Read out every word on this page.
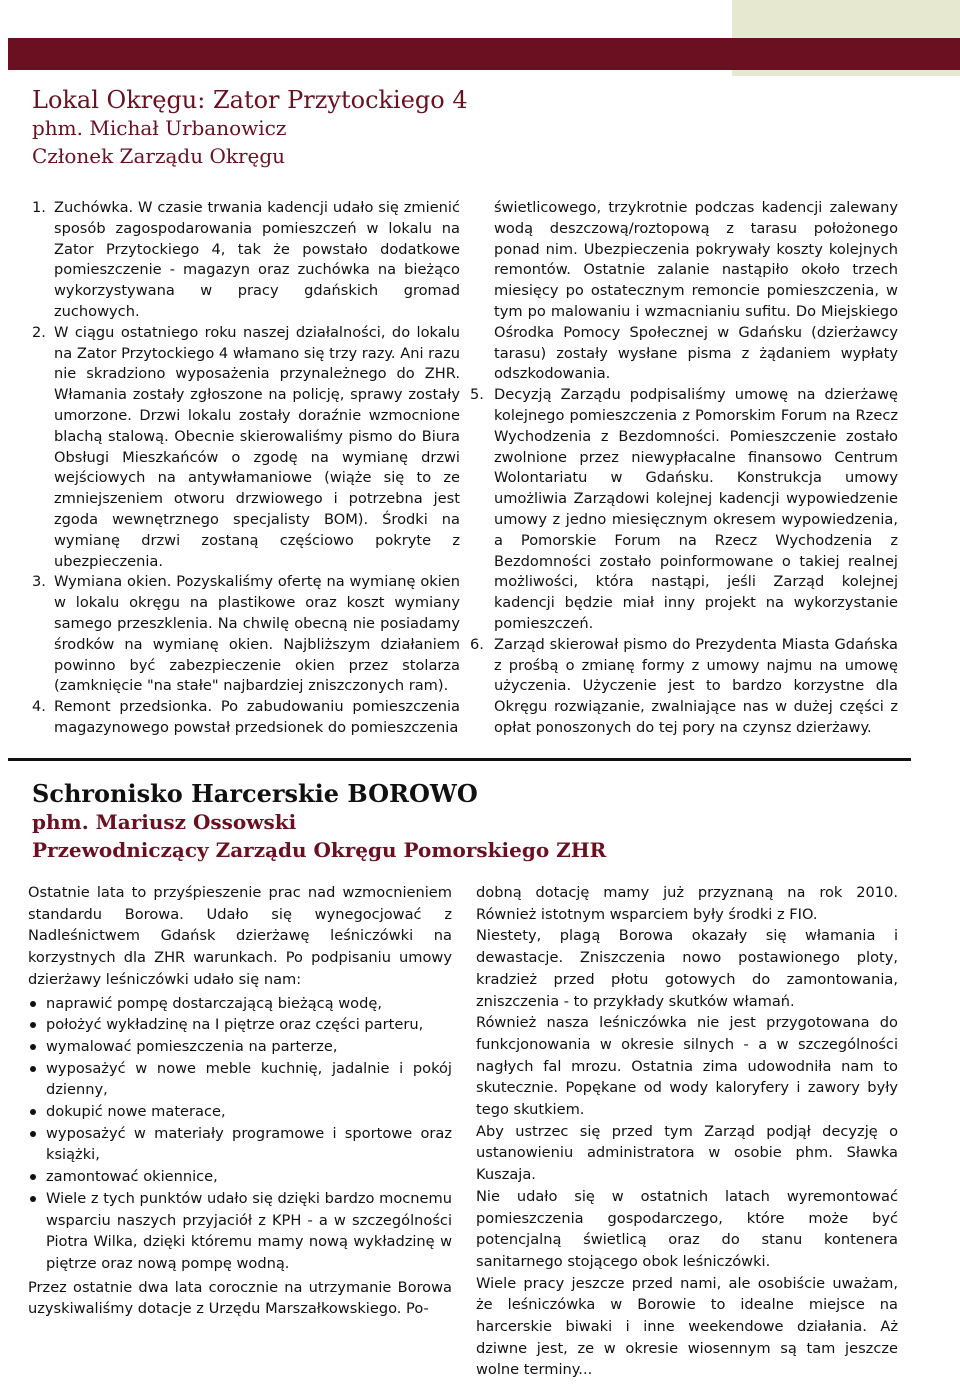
Str. 13
Lokal Okręgu: Zator Przytockiego 4
phm. Michał Urbanowicz
Członek Zarządu Okręgu
1. Zuchówka. W czasie trwania kadencji udało się zmienić sposób zagospodarowania pomieszczeń w lokalu na Zator Przytockiego 4, tak że powstało dodatkowe pomieszczenie - magazyn oraz zuchówka na bieżąco wykorzystywana w pracy gdańskich gromad zuchowych.

2. W ciągu ostatniego roku naszej działalności, do lokalu na Zator Przytockiego 4 włamano się trzy razy. Ani razu nie skradziono wyposażenia przynależnego do ZHR. Włamania zostały zgłoszone na policję, sprawy zostały umorzone. Drzwi lokalu zostały doraźnie wzmocnione blachą stalową. Obecnie skierowaliśmy pismo do Biura Obsługi Mieszkańców o zgodę na wymianę drzwi wejściowych na antywłamaniowe (wiąże się to ze zmniejszeniem otworu drzwiowego i potrzebna jest zgoda wewnętrznego specjalisty BOM). Środki na wymianę drzwi zostaną częściowo pokryte z ubezpieczenia.

3. Wymiana okien. Pozyskaliśmy ofertę na wymianę okien w lokalu okręgu na plastikowe oraz koszt wymiany samego przeszklenia. Na chwilę obecną nie posiadamy środków na wymianę okien. Najbliższym działaniem powinno być zabezpieczenie okien przez stolarza (zamknięcie "na stałe" najbardziej zniszczonych ram).

4. Remont przedsionka. Po zabudowaniu pomieszczenia magazynowego powstał przedsionek do pomieszczenia

świetlicowego, trzykrotnie podczas kadencji zalewany wodą deszczową/roztopową z tarasu położonego ponad nim. Ubezpieczenia pokrywały koszty kolejnych remontów. Ostatnie zalanie nastąpiło około trzech miesięcy po ostatecznym remoncie pomieszczenia, w tym po malowaniu i wzmacnianiu sufitu. Do Miejskiego Ośrodka Pomocy Społecznej w Gdańsku (dzierżawcy tarasu) zostały wysłane pisma z żądaniem wypłaty odszkodowania.

5. Decyzją Zarządu podpisaliśmy umowę na dzierżawę kolejnego pomieszczenia z Pomorskim Forum na Rzecz Wychodzenia z Bezdomności. Pomieszczenie zostało zwolnione przez niewypłacalne finansowo Centrum Wolontariatu w Gdańsku. Konstrukcja umowy umożliwia Zarządowi kolejnej kadencji wypowiedzenie umowy z jedno miesięcznym okresem wypowiedzenia, a Pomorskie Forum na Rzecz Wychodzenia z Bezdomności zostało poinformowane o takiej realnej możliwości, która nastąpi, jeśli Zarząd kolejnej kadencji będzie miał inny projekt na wykorzystanie pomieszczeń.

6. Zarząd skierował pismo do Prezydenta Miasta Gdańska z prośbą o zmianę formy z umowy najmu na umowę użyczenia. Użyczenie jest to bardzo korzystne dla Okręgu rozwiązanie, zwalniające nas w dużej części z opłat ponoszonych do tej pory na czynsz dzierżawy.

Schronisko Harcerskie BOROWO
phm. Mariusz Ossowski
Przewodniczący Zarządu Okręgu Pomorskiego ZHR

Ostatnie lata to przyśpieszenie prac nad wzmocnieniem standardu Borowa. Udało się wynegocjować z Nadleśnictwem Gdańsk dzierżawę leśniczówki na korzystnych dla ZHR warunkach. Po podpisaniu umowy dzierżawy leśniczówki udało się nam:

naprawić pompę dostarczającą bieżącą wodę,
położyć wykładzinę na I piętrze oraz części parteru,
wymalować pomieszczenia na parterze,
wyposażyć w nowe meble kuchnię, jadalnie i pokój dzienny,
dokupić nowe materace,
wyposażyć w materiały programowe i sportowe oraz książki,
zamontować okiennice,
Wiele z tych punktów udało się dzięki bardzo mocnemu wsparciu naszych przyjaciół z KPH - a w szczególności Piotra Wilka, dzięki któremu mamy nową wykładzinę w piętrze oraz nową pompę wodną.

Przez ostatnie dwa lata corocznie na utrzymanie Borowa uzyskiwaliśmy dotacje z Urzędu Marszałkowskiego. Po-

dobną dotację mamy już przyznaną na rok 2010. Również istotnym wsparciem były środki z FIO.

Niestety, plagą Borowa okazały się włamania i dewastacje. Zniszczenia nowo postawionego ploty, kradzież przed płotu gotowych do zamontowania, zniszczenia - to przykłady skutków włamań.

Również nasza leśniczówka nie jest przygotowana do funkcjonowania w okresie silnych - a w szczególności nagłych fal mrozu. Ostatnia zima udowodniła nam to skutecznie. Popękane od wody kaloryfery i zawory były tego skutkiem.

Aby ustrzec się przed tym Zarząd podjął decyzję o ustanowieniu administratora w osobie phm. Sławka Kuszaja.

Nie udało się w ostatnich latach wyremontować pomieszczenia gospodarczego, które może być potencjalną świetlicą oraz do stanu kontenera sanitarnego stojącego obok leśniczówki.

Wiele pracy jeszcze przed nami, ale osobiście uważam, że leśniczówka w Borowie to idealne miejsce na harcerskie biwaki i inne weekendowe działania. Aż dziwne jest, ze w okresie wiosennym są tam jeszcze wolne terminy...
